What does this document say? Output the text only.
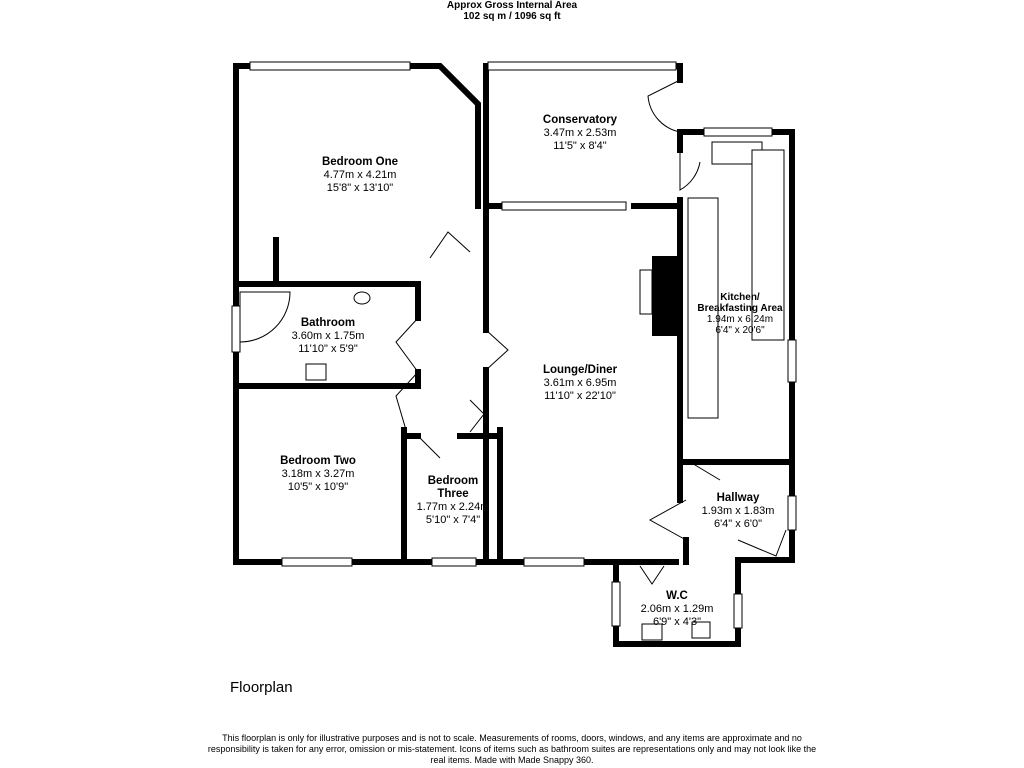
Approx Gross Internal Area
102 sq m / 1096 sq ft
Bedroom One
4.77m x 4.21m
15'8" x 13'10"
Conservatory
3.47m x 2.53m
11'5" x 8'4"
Bathroom
3.60m x 1.75m
11'10" x 5'9"
Kitchen/
Breakfasting Area
1.94m x 6.24m
6'4" x 20'6"
Lounge/Diner
3.61m x 6.95m
11'10" x 22'10"
Bedroom Two
3.18m x 3.27m
10'5" x 10'9"	Bedroom
Three
1.77m x 2.24m
5'10" x 7'4"
Hallway
1.93m x 1.83m
6'4" x 6'0"
W.C
2.06m x 1.29m
6'9" x 4'3"
Floorplan
This floorplan is only for illustrative purposes and is not to scale. Measurements of rooms, doors, windows, and any items are approximate and no responsibility is taken for any error, omission or mis-statement. Icons of items such as bathroom suites are representations only and may not look like the real items. Made with Made Snappy 360.
